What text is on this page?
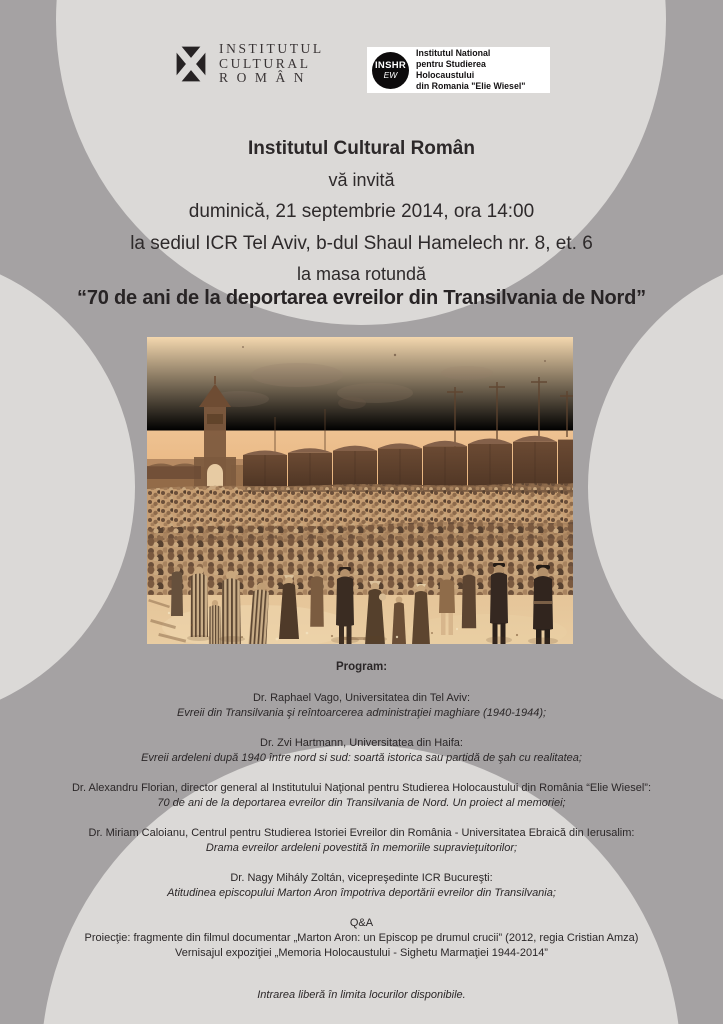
INSTITUTUL
CULTURAL
R O M Â N
INSHR
EW
Institutul National
pentru Studierea Holocaustului
din Romania "Elie Wiesel"
Institutul Cultural Român
vă invită
duminică, 21 septembrie 2014, ora 14:00
la sediul ICR Tel Aviv, b-dul Shaul Hamelech nr. 8, et. 6
la masa rotundă
“70 de ani de la deportarea evreilor din Transilvania de Nord”
Program:
Dr. Raphael Vago, Universitatea din Tel Aviv:
Evreii din Transilvania şi reîntoarcerea administraţiei maghiare (1940-1944);
Dr. Zvi Hartmann, Universitatea din Haifa:
Evreii ardeleni după 1940 între nord si sud: soartă istorica sau partidă de şah cu realitatea;
Dr. Alexandru Florian, director general al Institutului Naţional pentru Studierea Holocaustului din România “Elie Wiesel”:
70 de ani de la deportarea evreilor din Transilvania de Nord. Un proiect al memoriei;
Dr. Miriam Caloianu, Centrul pentru Studierea Istoriei Evreilor din România - Universitatea Ebraică din Ierusalim:
Drama evreilor ardeleni povestită în memoriile supravieţuitorilor;
Dr. Nagy Mihály Zoltán, vicepreşedinte ICR Bucureşti:
Atitudinea episcopului Marton Aron împotriva deportării evreilor din Transilvania;
Q&A
Proiecţie: fragmente din filmul documentar „Marton Aron: un Episcop pe drumul crucii” (2012, regia Cristian Amza)
Vernisajul expoziţiei „Memoria Holocaustului - Sighetu Marmaţiei 1944-2014”
Intrarea liberă în limita locurilor disponibile.
